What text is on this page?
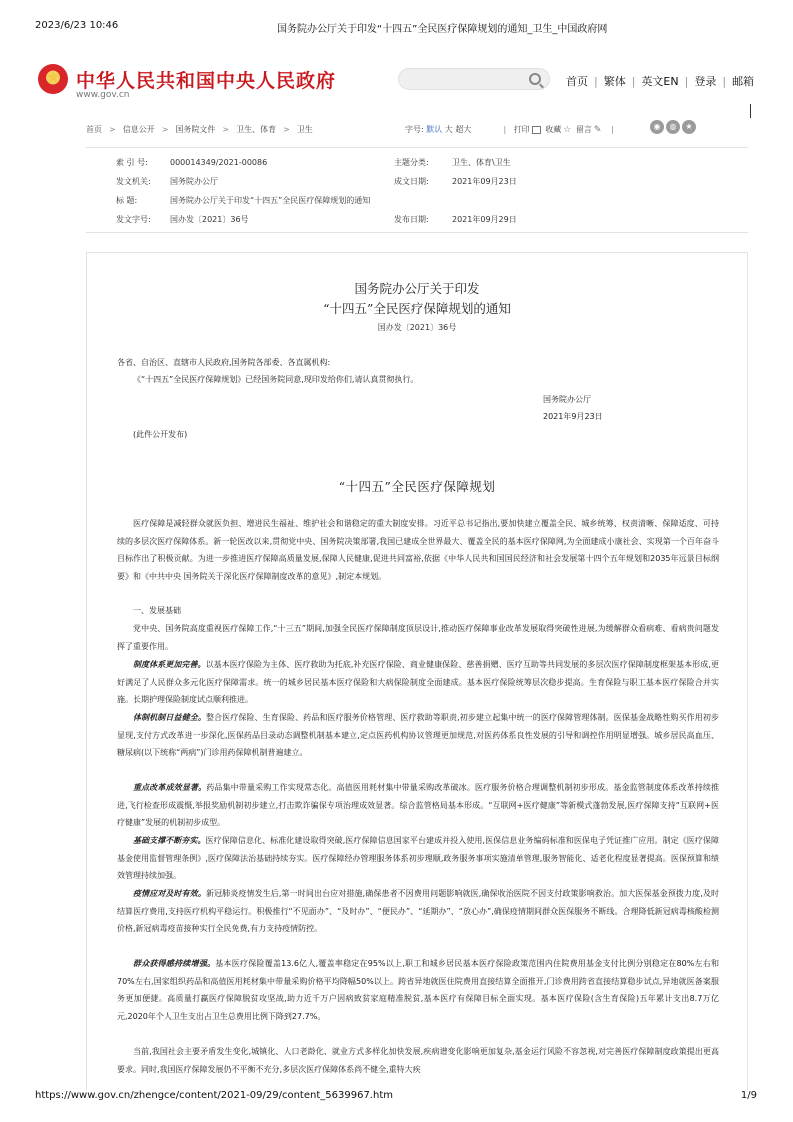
2023/6/23 10:46	国务院办公厅关于印发“十四五”全民医疗保障规划的通知_卫生_中国政府网
中华人民共和国中央人民政府
www.gov.cn
首页 | 繁体 | 英文EN | 登录 | 邮箱
首页 > 信息公开 > 国务院文件 > 卫生、体育 > 卫生	字号: 默认 大 超大	| 打印 收藏 ☆ 留言 ✎ |	◉ ◍ ★
索 引 号:	000014349/2021-00086	主题分类:	卫生、体育\卫生
发文机关: 国务院办公厅	成文日期:	2021年09月23日
标 题:	国务院办公厅关于印发“十四五”全民医疗保障规划的通知
发文字号: 国办发〔2021〕36号	发布日期:	2021年09月29日
国务院办公厅关于印发
“十四五”全民医疗保障规划的通知
国办发〔2021〕36号
各省、自治区、直辖市人民政府,国务院各部委、各直属机构:
《“十四五”全民医疗保障规划》已经国务院同意,现印发给你们,请认真贯彻执行。
国务院办公厅
2021年9月23日
(此件公开发布)
“十四五”全民医疗保障规划
医疗保障是减轻群众就医负担、增进民生福祉、维护社会和谐稳定的重大制度安排。习近平总书记指出,要加快建立覆盖全民、城乡统筹、权责清晰、保障适度、可持续的多层次医疗保障体系。新一轮医改以来,贯彻党中央、国务院决策部署,我国已建成全世界最大、覆盖全民的基本医疗保障网,为全面建成小康社会、实现第一个百年奋斗目标作出了积极贡献。为进一步推进医疗保障高质量发展,保障人民健康,促进共同富裕,依据《中华人民共和国国民经济和社会发展第十四个五年规划和2035年远景目标纲要》和《中共中央 国务院关于深化医疗保障制度改革的意见》,制定本规划。
一、发展基础
党中央、国务院高度重视医疗保障工作,“十三五”期间,加强全民医疗保障制度顶层设计,推动医疗保障事业改革发展取得突破性进展,为缓解群众看病难、看病贵问题发挥了重要作用。
制度体系更加完善。以基本医疗保险为主体、医疗救助为托底,补充医疗保险、商业健康保险、慈善捐赠、医疗互助等共同发展的多层次医疗保障制度框架基本形成,更好满足了人民群众多元化医疗保障需求。统一的城乡居民基本医疗保险和大病保险制度全面建成。基本医疗保险统筹层次稳步提高。生育保险与职工基本医疗保险合并实施。长期护理保险制度试点顺利推进。
体制机制日益健全。整合医疗保险、生育保险、药品和医疗服务价格管理、医疗救助等职责,初步建立起集中统一的医疗保障管理体制。医保基金战略性购买作用初步显现,支付方式改革进一步深化,医保药品目录动态调整机制基本建立,定点医药机构协议管理更加规范,对医药体系良性发展的引导和调控作用明显增强。城乡居民高血压、糖尿病(以下统称“两病”)门诊用药保障机制普遍建立。
重点改革成效显著。药品集中带量采购工作实现常态化。高值医用耗材集中带量采购改革破冰。医疗服务价格合理调整机制初步形成。基金监管制度体系改革持续推进,飞行检查形成震慑,举报奖励机制初步建立,打击欺诈骗保专项治理成效显著。综合监管格局基本形成。“互联网+医疗健康”等新模式蓬勃发展,医疗保障支持“互联网+医疗健康”发展的机制初步成型。
基础支撑不断夯实。医疗保障信息化、标准化建设取得突破,医疗保障信息国家平台建成并投入使用,医保信息业务编码标准和医保电子凭证推广应用。制定《医疗保障基金使用监督管理条例》,医疗保障法治基础持续夯实。医疗保障经办管理服务体系初步理顺,政务服务事项实施清单管理,服务智能化、适老化程度显著提高。医保预算和绩效管理持续加强。
疫情应对及时有效。新冠肺炎疫情发生后,第一时间出台应对措施,确保患者不因费用问题影响就医,确保收治医院不因支付政策影响救治。加大医保基金预拨力度,及时结算医疗费用,支持医疗机构平稳运行。积极推行“不见面办”、“及时办”、“便民办”、“延期办”、“放心办”,确保疫情期间群众医保服务不断线。合理降低新冠病毒核酸检测价格,新冠病毒疫苗接种实行全民免费,有力支持疫情防控。
群众获得感持续增强。基本医疗保险覆盖13.6亿人,覆盖率稳定在95%以上,职工和城乡居民基本医疗保险政策范围内住院费用基金支付比例分别稳定在80%左右和70%左右,国家组织药品和高值医用耗材集中带量采购价格平均降幅50%以上。跨省异地就医住院费用直接结算全面推开,门诊费用跨省直接结算稳步试点,异地就医备案服务更加便捷。高质量打赢医疗保障脱贫攻坚战,助力近千万户因病致贫家庭精准脱贫,基本医疗有保障目标全面实现。基本医疗保险(含生育保险)五年累计支出8.7万亿元,2020年个人卫生支出占卫生总费用比例下降到27.7%。
当前,我国社会主要矛盾发生变化,城镇化、人口老龄化、就业方式多样化加快发展,疾病谱变化影响更加复杂,基金运行风险不容忽视,对完善医疗保障制度政策提出更高要求。同时,我国医疗保障发展仍不平衡不充分,多层次医疗保障体系尚不健全,重特大疾
https://www.gov.cn/zhengce/content/2021-09/29/content_5639967.htm	1/9
